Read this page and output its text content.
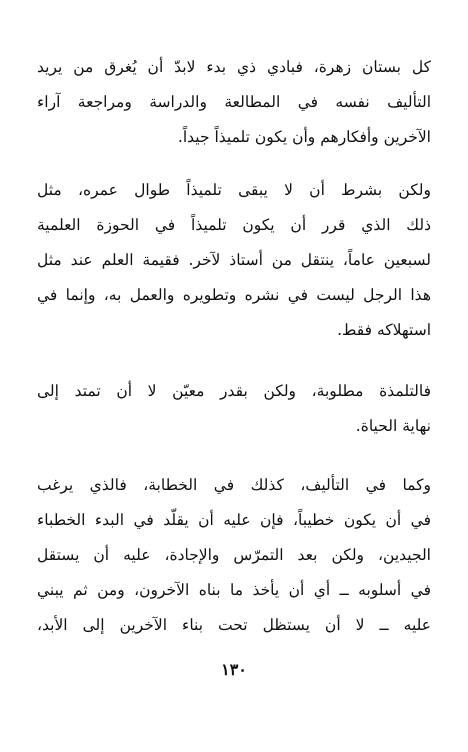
كل بستان زهرة، فبادي ذي بدء لابدّ أن يُغرق من يريد
التأليف نفسه في المطالعة والدراسة ومراجعة آراء
الآخرين وأفكارهم وأن يكون تلميذاً جيداً.
ولكن بشرط أن لا يبقى تلميذاً طوال عمره، مثل
ذلك الذي قرر أن يكون تلميذاً في الحوزة العلمية
لسبعين عاماً، ينتقل من أستاذ لآخر. فقيمة العلم عند مثل
هذا الرجل ليست في نشره وتطويره والعمل به، وإنما في
استهلاكه فقط.
فالتلمذة مطلوبة، ولكن بقدر معيّن لا أن تمتد إلى
نهاية الحياة.
وكما في التأليف، كذلك في الخطابة، فالذي يرغب
في أن يكون خطيباً، فإن عليه أن يقلّد في البدء الخطباء
الجيدين، ولكن بعد التمرّس والإجادة، عليه أن يستقل
في أسلوبه ــ أي أن يأخذ ما بناه الآخرون، ومن ثم يبني
عليه ــ لا أن يستظل تحت بناء الآخرين إلى الأبد،
١٣٠
